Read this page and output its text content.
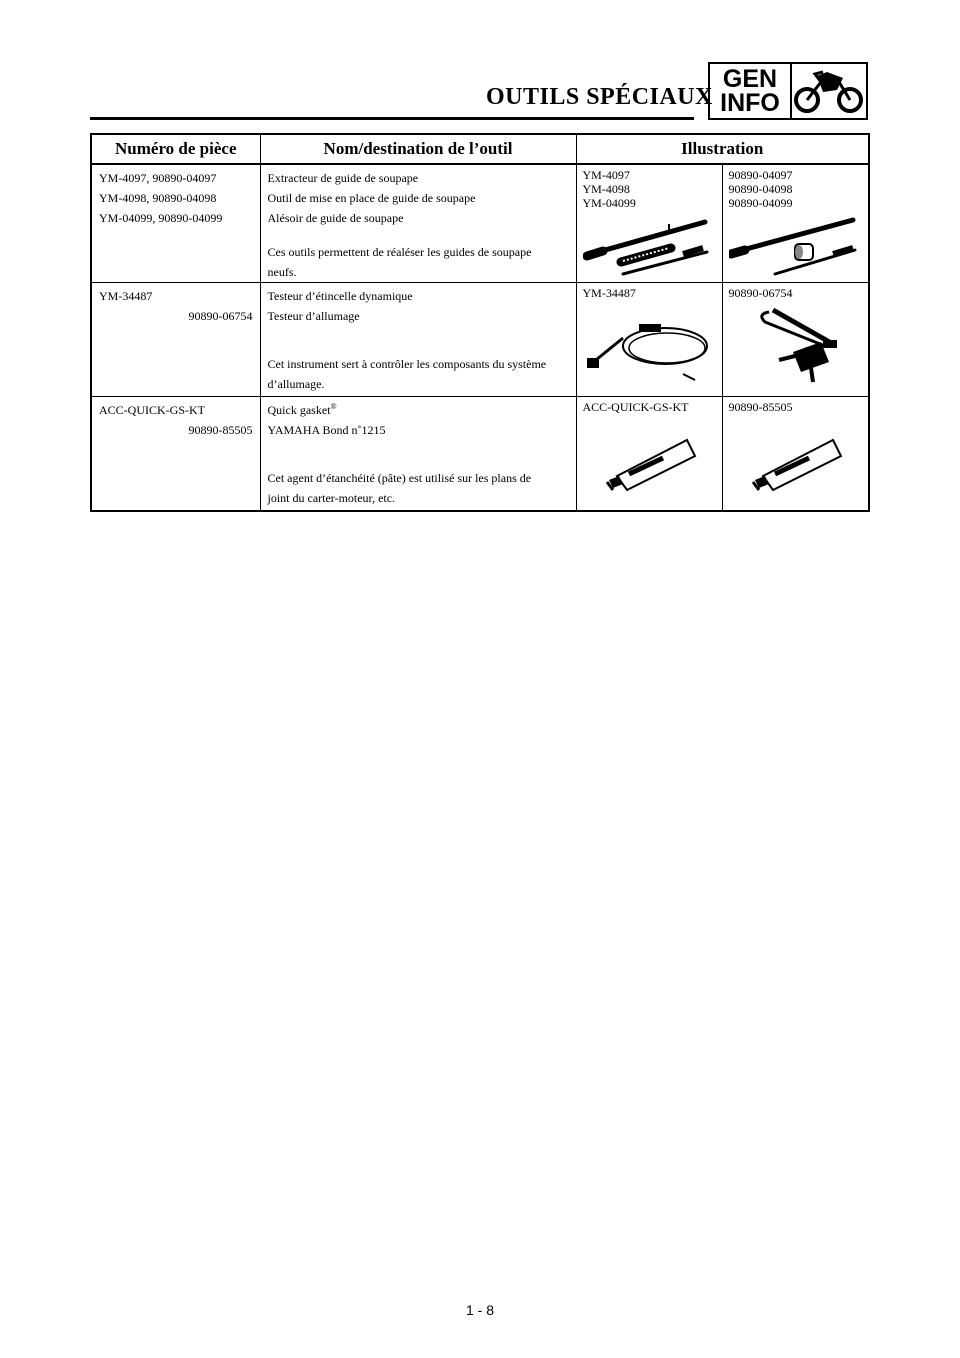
OUTILS SPÉCIAUX
GEN
INFO
Numéro de pièce	Nom/destination de l’outil	Illustration	

YM-4097, 90890-04097
YM-4098, 90890-04098
YM-04099, 90890-04099	Extracteur de guide de soupape
Outil de mise en place de guide de soupape
Alésoir de guide de soupape
Ces outils permettent de réaléser les guides de soupape
neufs.	YM-4097
YM-4098
YM-04099	90890-04097
90890-04098
90890-04099

YM-34487
90890-06754	Testeur d’étincelle dynamique
Testeur d’allumage
Cet instrument sert à contrôler les composants du système
d’allumage.	YM-34487	90890-06754

ACC-QUICK-GS-KT
90890-85505	Quick gasket®
YAMAHA Bond n˚1215
Cet agent d’étanchéité (pâte) est utilisé sur les plans de
joint du carter-moteur, etc.	ACC-QUICK-GS-KT	90890-85505
1 - 8
